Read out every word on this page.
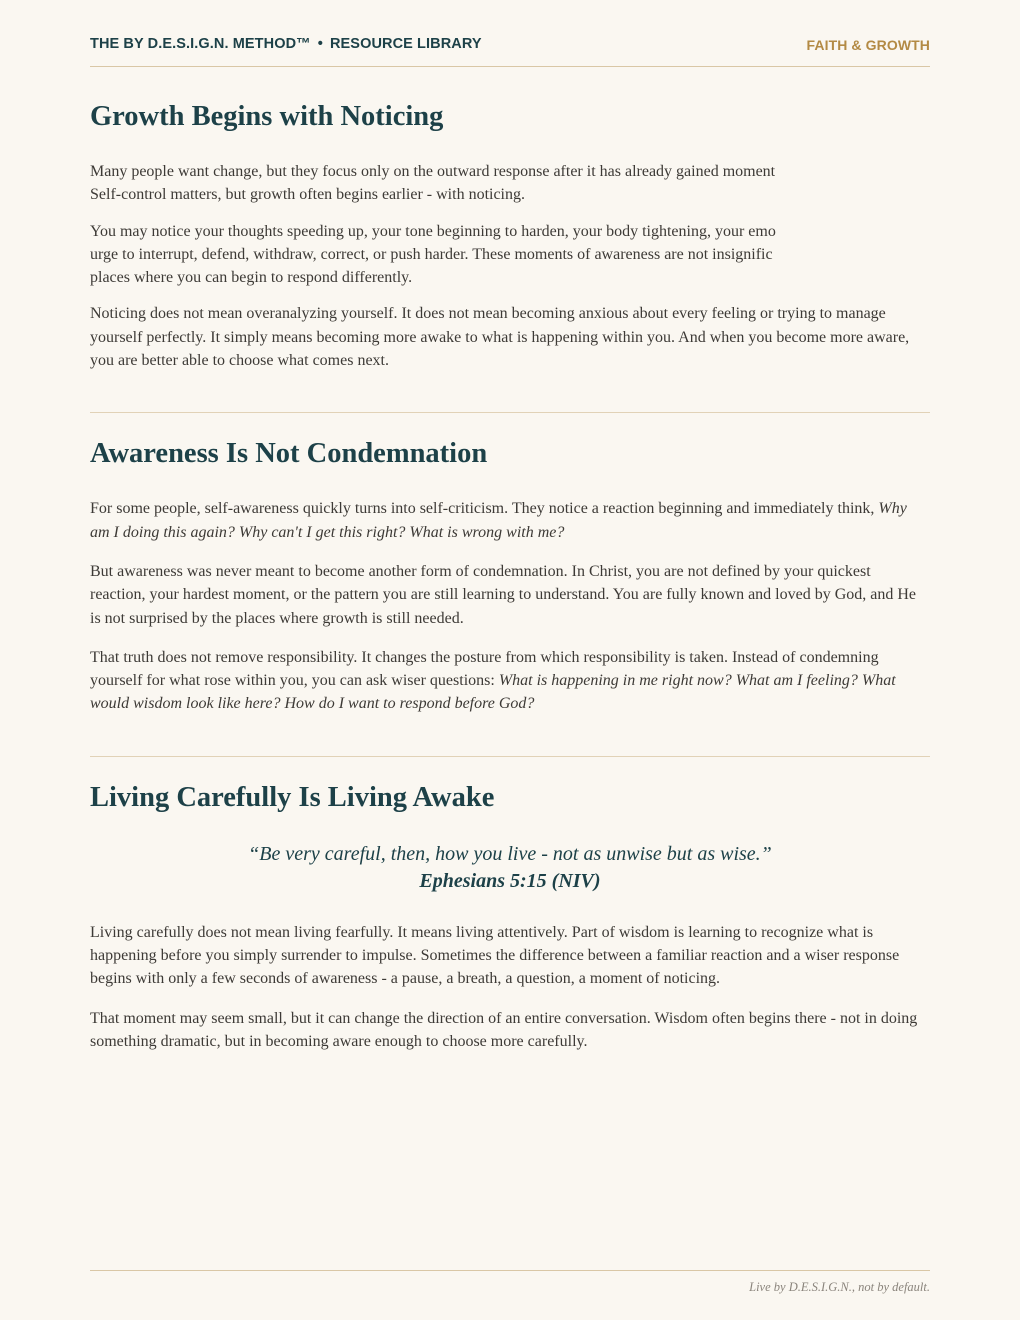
THE BY D.E.S.I.G.N. METHOD™ • RESOURCE LIBRARY	FAITH & GROWTH
Growth Begins with Noticing

Many people want change, but they focus only on the outward response after it has already gained moment
Self-control matters, but growth often begins earlier - with noticing.

You may notice your thoughts speeding up, your tone beginning to harden, your body tightening, your emo
urge to interrupt, defend, withdraw, correct, or push harder. These moments of awareness are not insignific
places where you can begin to respond differently.

Noticing does not mean overanalyzing yourself. It does not mean becoming anxious about every feeling or trying to manage yourself perfectly. It simply means becoming more awake to what is happening within you. And when you become more aware, you are better able to choose what comes next.

Awareness Is Not Condemnation

For some people, self-awareness quickly turns into self-criticism. They notice a reaction beginning and immediately think, Why am I doing this again? Why can't I get this right? What is wrong with me?

But awareness was never meant to become another form of condemnation. In Christ, you are not defined by your quickest reaction, your hardest moment, or the pattern you are still learning to understand. You are fully known and loved by God, and He is not surprised by the places where growth is still needed.

That truth does not remove responsibility. It changes the posture from which responsibility is taken. Instead of condemning yourself for what rose within you, you can ask wiser questions: What is happening in me right now? What am I feeling? What would wisdom look like here? How do I want to respond before God?

Living Carefully Is Living Awake
“Be very careful, then, how you live - not as unwise but as wise.”
Ephesians 5:15 (NIV)

Living carefully does not mean living fearfully. It means living attentively. Part of wisdom is learning to recognize what is happening before you simply surrender to impulse. Sometimes the difference between a familiar reaction and a wiser response begins with only a few seconds of awareness - a pause, a breath, a question, a moment of noticing.

That moment may seem small, but it can change the direction of an entire conversation. Wisdom often begins there - not in doing something dramatic, but in becoming aware enough to choose more carefully.

Live by D.E.S.I.G.N., not by default.
